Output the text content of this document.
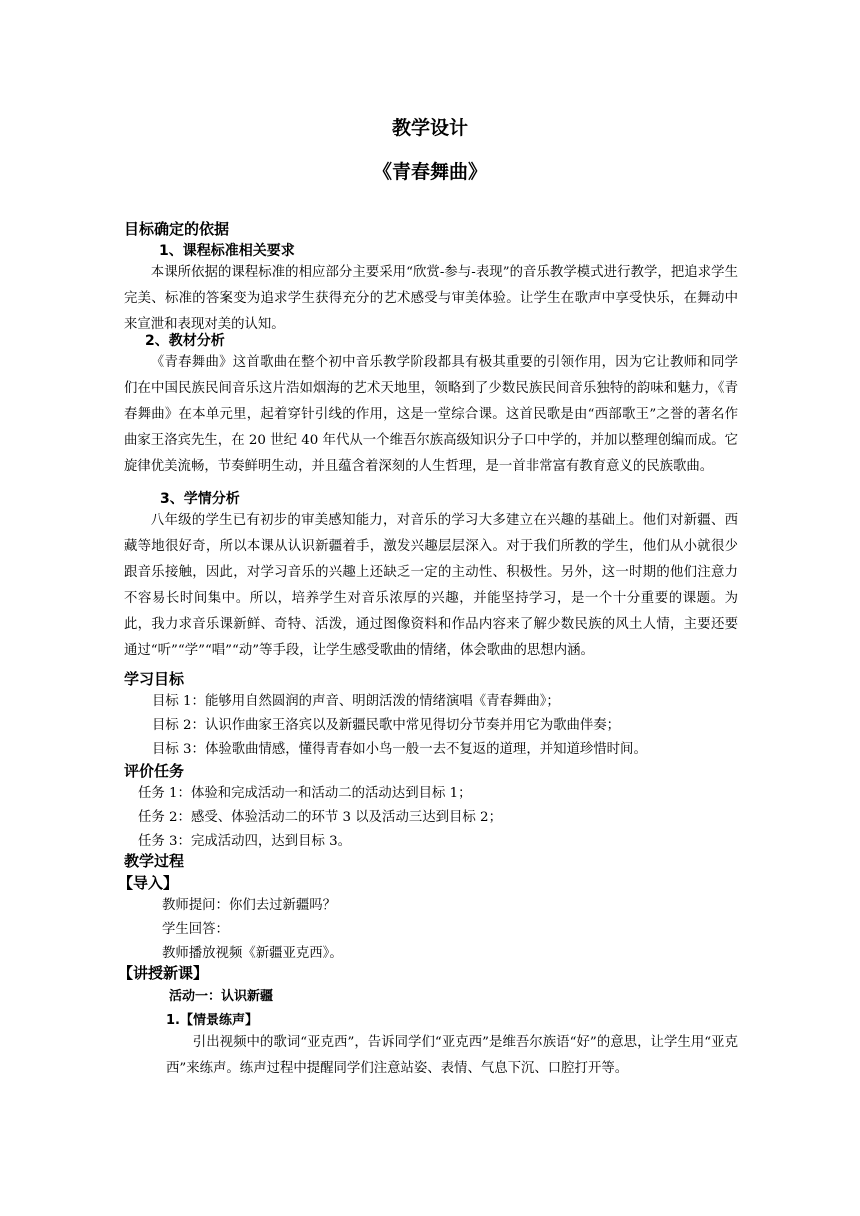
教学设计
《青春舞曲》
目标确定的依据
1、课程标准相关要求

本课所依据的课程标准的相应部分主要采用“欣赏-参与-表现”的音乐教学模式进行教学，把追求学生完美、标准的答案变为追求学生获得充分的艺术感受与审美体验。让学生在歌声中享受快乐，在舞动中来宣泄和表现对美的认知。

2、教材分析

《青春舞曲》这首歌曲在整个初中音乐教学阶段都具有极其重要的引领作用，因为它让教师和同学们在中国民族民间音乐这片浩如烟海的艺术天地里，领略到了少数民族民间音乐独特的韵味和魅力，《青春舞曲》在本单元里，起着穿针引线的作用，这是一堂综合课。这首民歌是由“西部歌王”之誉的著名作曲家王洛宾先生，在 20 世纪 40 年代从一个维吾尔族高级知识分子口中学的，并加以整理创编而成。它旋律优美流畅，节奏鲜明生动，并且蕴含着深刻的人生哲理，是一首非常富有教育意义的民族歌曲。

3、学情分析

八年级的学生已有初步的审美感知能力，对音乐的学习大多建立在兴趣的基础上。他们对新疆、西藏等地很好奇，所以本课从认识新疆着手，激发兴趣层层深入。对于我们所教的学生，他们从小就很少跟音乐接触，因此，对学习音乐的兴趣上还缺乏一定的主动性、积极性。另外，这一时期的他们注意力不容易长时间集中。所以，培养学生对音乐浓厚的兴趣，并能坚持学习，是一个十分重要的课题。为此，我力求音乐课新鲜、奇特、活泼，通过图像资料和作品内容来了解少数民族的风土人情，主要还要通过“听”“学”“唱”“动”等手段，让学生感受歌曲的情绪，体会歌曲的思想内涵。

学习目标
目标 1：能够用自然圆润的声音、明朗活泼的情绪演唱《青春舞曲》；
目标 2：认识作曲家王洛宾以及新疆民歌中常见得切分节奏并用它为歌曲伴奏；
目标 3：体验歌曲情感，懂得青春如小鸟一般一去不复返的道理，并知道珍惜时间。
评价任务
任务 1：体验和完成活动一和活动二的活动达到目标 1；
任务 2：感受、体验活动二的环节 3 以及活动三达到目标 2；
任务 3：完成活动四，达到目标 3。
教学过程
【导入】
教师提问：你们去过新疆吗？
学生回答：
教师播放视频《新疆亚克西》。
【讲授新课】
活动一：认识新疆
1.【情景练声】

引出视频中的歌词“亚克西”，告诉同学们“亚克西”是维吾尔族语“好”的意思，让学生用“亚克西”来练声。练声过程中提醒同学们注意站姿、表情、气息下沉、口腔打开等。
